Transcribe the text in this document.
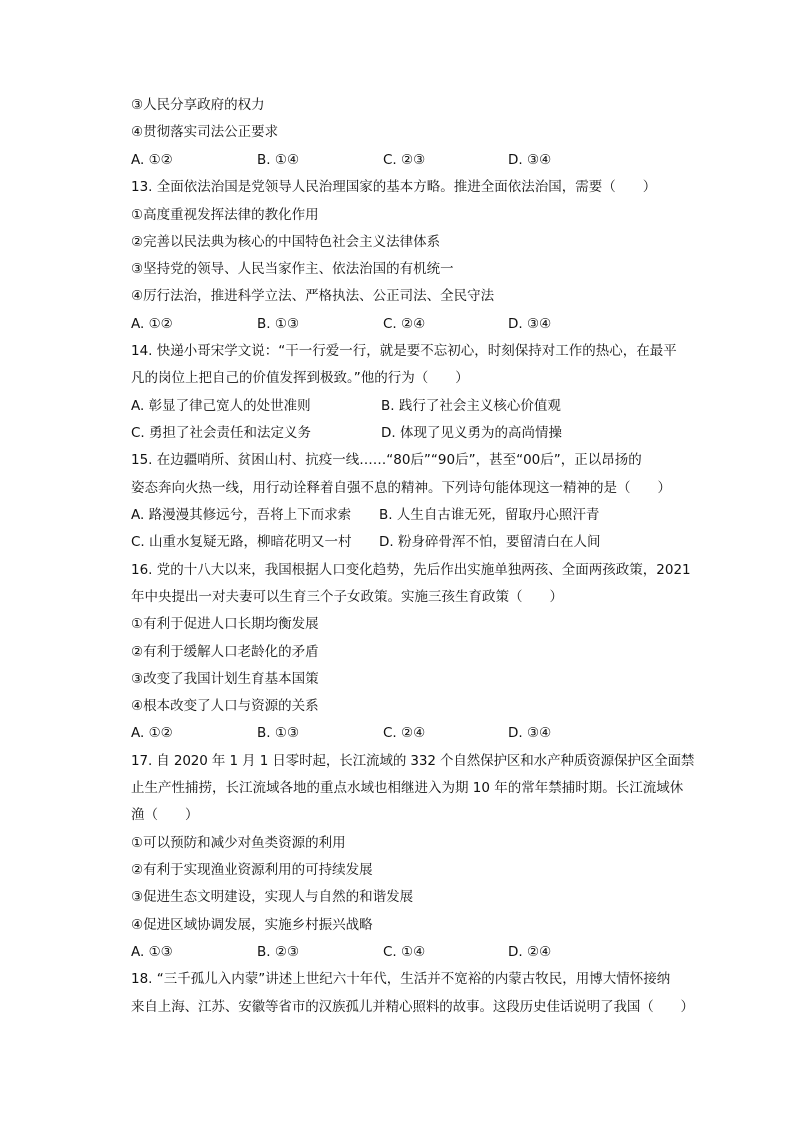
③人民分享政府的权力
④贯彻落实司法公正要求
A. ①②	B. ①④	C. ②③	D. ③④
13. 全面依法治国是党领导人民治理国家的基本方略。推进全面依法治国，需要（　　）
①高度重视发挥法律的教化作用
②完善以民法典为核心的中国特色社会主义法律体系
③坚持党的领导、人民当家作主、依法治国的有机统一
④厉行法治，推进科学立法、严格执法、公正司法、全民守法
A. ①②	B. ①③	C. ②④	D. ③④
14. 快递小哥宋学文说：“干一行爱一行，就是要不忘初心，时刻保持对工作的热心，在最平
凡的岗位上把自己的价值发挥到极致。”他的行为（　　）
A. 彰显了律己宽人的处世准则	B. 践行了社会主义核心价值观
C. 勇担了社会责任和法定义务	D. 体现了见义勇为的高尚情操
15. 在边疆哨所、贫困山村、抗疫一线……“80后”“90后”，甚至“00后”，正以昂扬的
姿态奔向火热一线，用行动诠释着自强不息的精神。下列诗句能体现这一精神的是（　　）
A. 路漫漫其修远兮，吾将上下而求索 B. 人生自古谁无死，留取丹心照汗青
C. 山重水复疑无路，柳暗花明又一村 D. 粉身碎骨浑不怕，要留清白在人间
16. 党的十八大以来，我国根据人口变化趋势，先后作出实施单独两孩、全面两孩政策，2021
年中央提出一对夫妻可以生育三个子女政策。实施三孩生育政策（　　）
①有利于促进人口长期均衡发展
②有利于缓解人口老龄化的矛盾
③改变了我国计划生育基本国策
④根本改变了人口与资源的关系
A. ①②	B. ①③	C. ②④	D. ③④
17. 自 2020 年 1 月 1 日零时起，长江流域的 332 个自然保护区和水产种质资源保护区全面禁
止生产性捕捞，长江流域各地的重点水域也相继进入为期 10 年的常年禁捕时期。长江流域休
渔（　　）
①可以预防和减少对鱼类资源的利用
②有利于实现渔业资源利用的可持续发展
③促进生态文明建设，实现人与自然的和谐发展
④促进区域协调发展，实施乡村振兴战略
A. ①③	B. ②③	C. ①④	D. ②④
18. “三千孤儿入内蒙”讲述上世纪六十年代，生活并不宽裕的内蒙古牧民，用博大情怀接纳
来自上海、江苏、安徽等省市的汉族孤儿并精心照料的故事。这段历史佳话说明了我国（　　）
